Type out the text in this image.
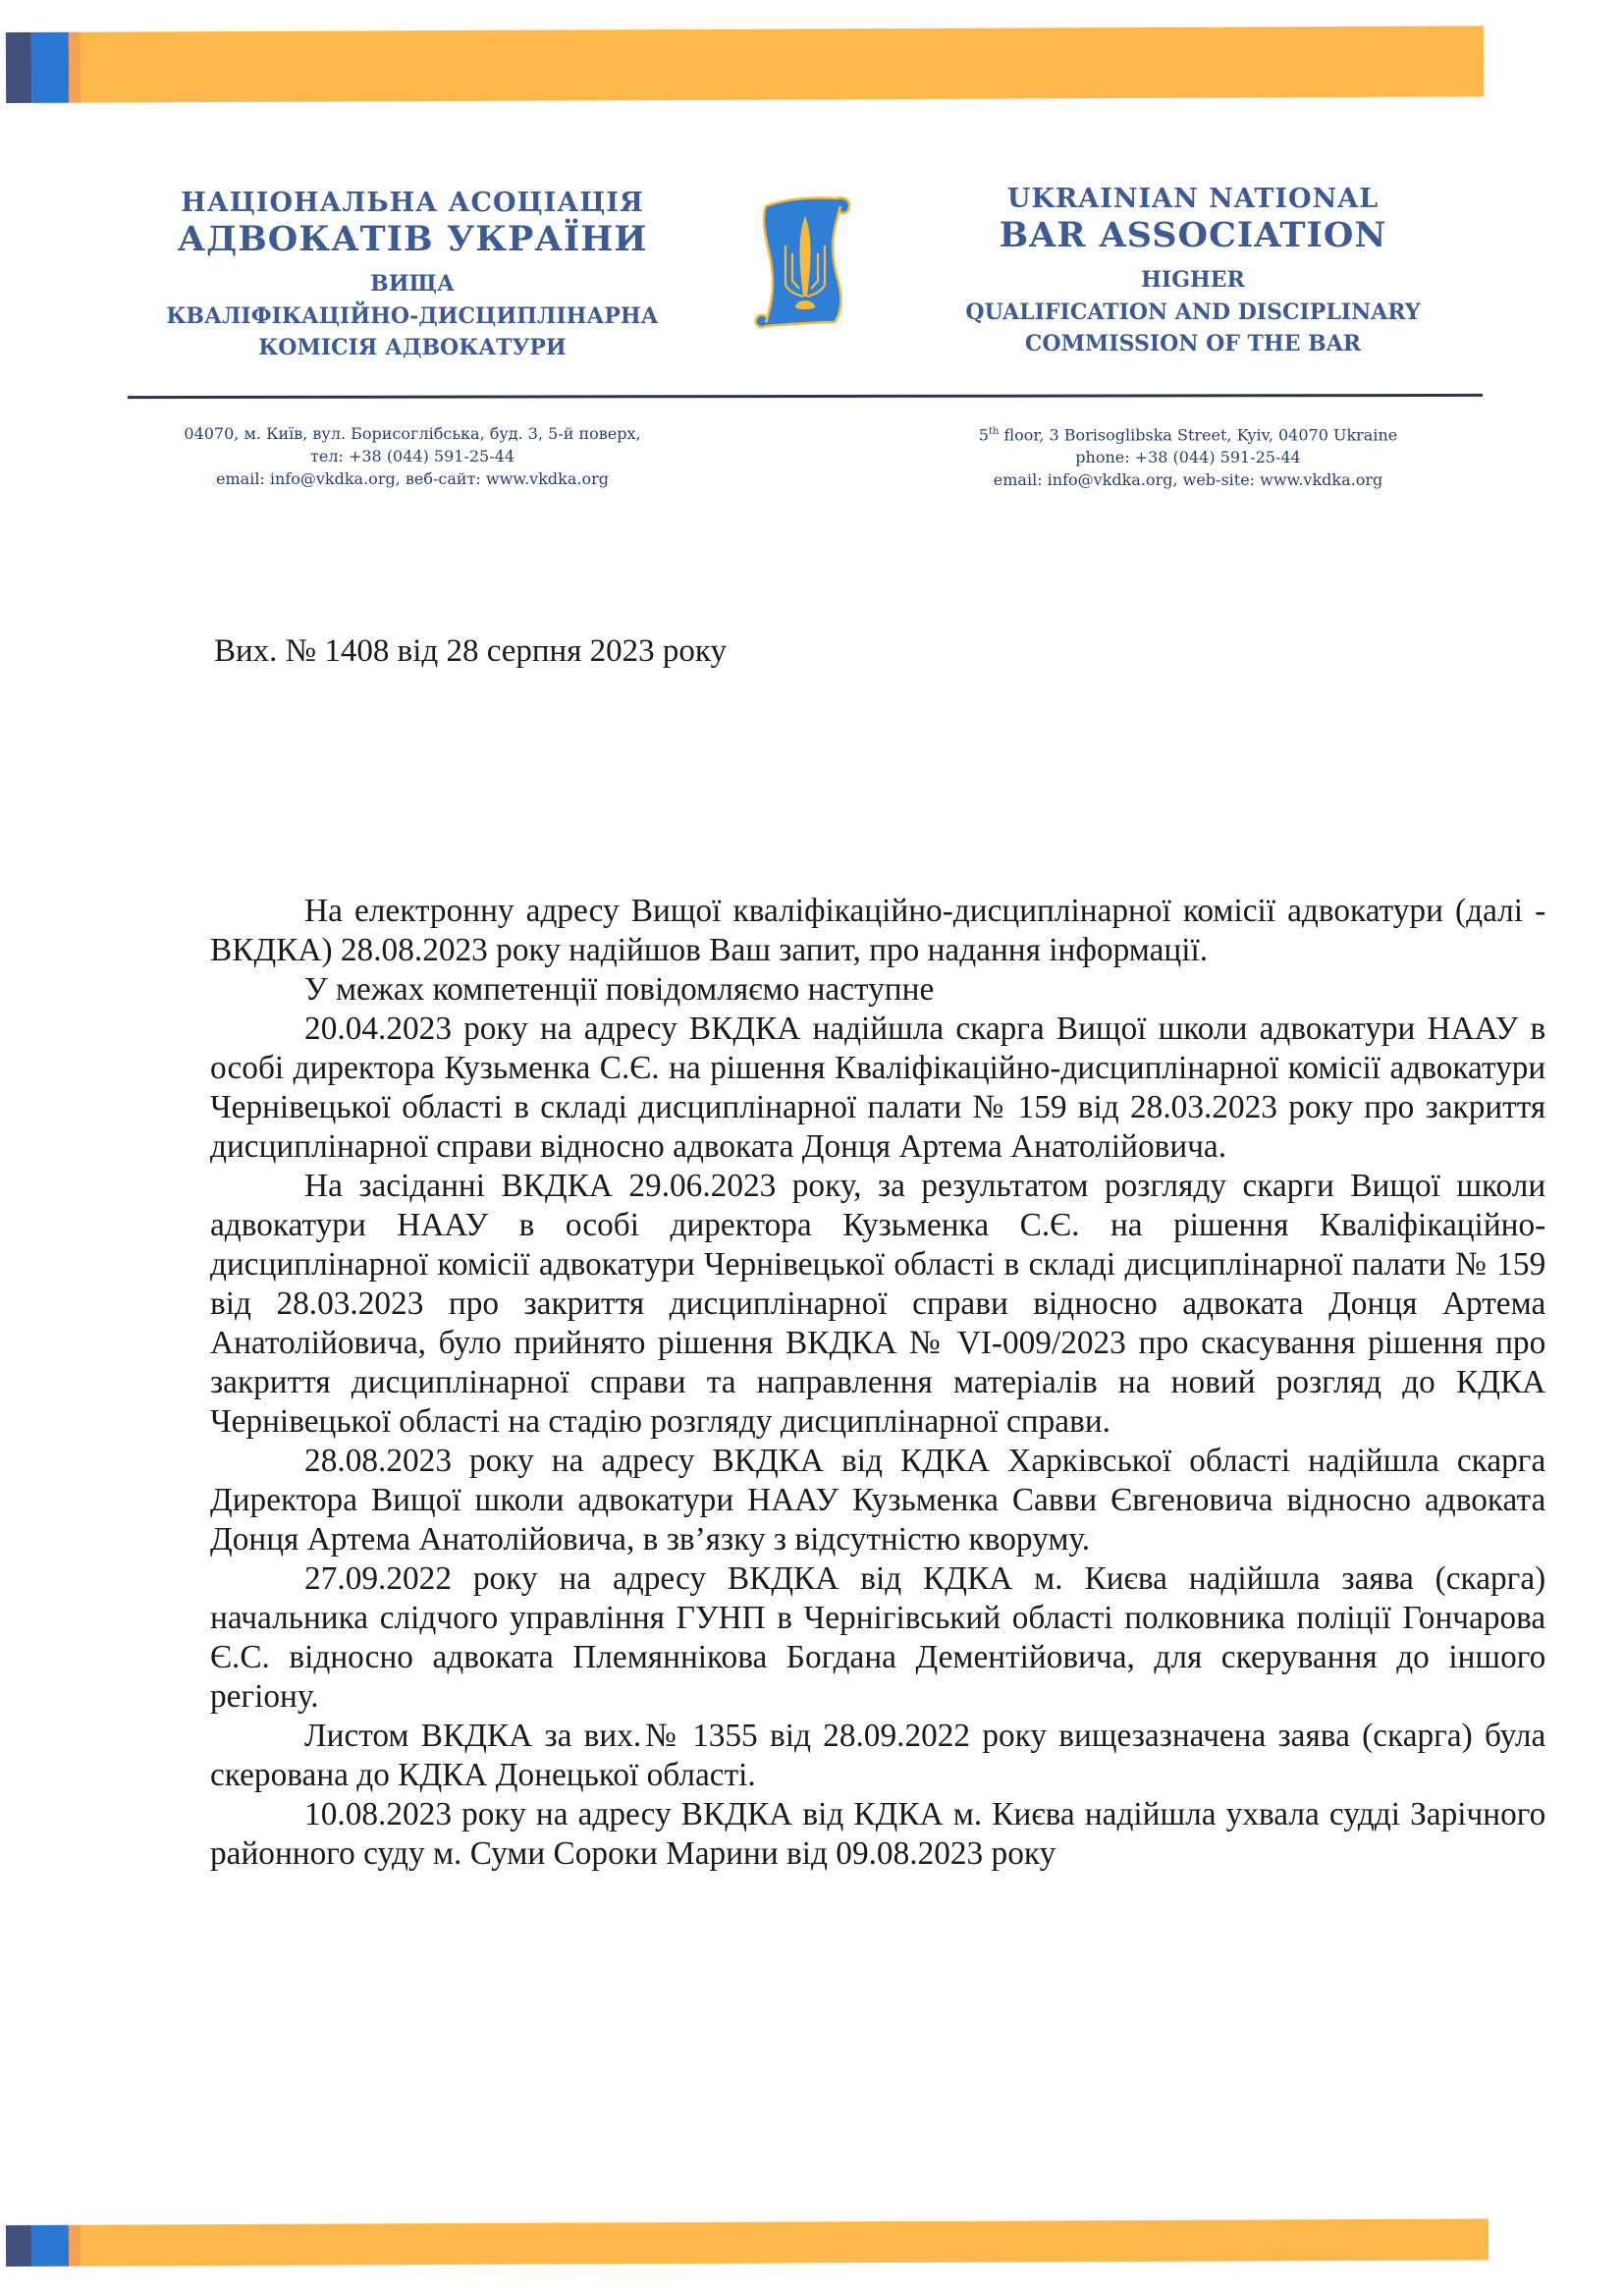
НАЦІОНАЛЬНА АСОЦІАЦІЯ
АДВОКАТІВ УКРАЇНИ
ВИЩА
КВАЛІФІКАЦІЙНО-ДИСЦИПЛІНАРНА
КОМІСІЯ АДВОКАТУРИ
UKRAINIAN NATIONAL
BAR ASSOCIATION
HIGHER
QUALIFICATION AND DISCIPLINARY
COMMISSION OF THE BAR
04070, м. Київ, вул. Борисоглібська, буд. 3, 5-й поверх,
тел: +38 (044) 591-25-44
email: info@vkdka.org, веб-сайт: www.vkdka.org
5th floor, 3 Borisoglibska Street, Kyiv, 04070 Ukraine
phone: +38 (044) 591-25-44
email: info@vkdka.org, web-site: www.vkdka.org
Вих. № 1408 від 28 серпня 2023 року

На електронну адресу Вищої кваліфікаційно-дисциплінарної комісії адвокатури (далі - ВКДКА) 28.08.2023 року надійшов Ваш запит, про надання інформації.

У межах компетенції повідомляємо наступне

20.04.2023 року на адресу ВКДКА надійшла скарга Вищої школи адвокатури НААУ в особі директора Кузьменка С.Є. на рішення Кваліфікаційно-дисциплінарної комісії адвокатури Чернівецької області в складі дисциплінарної палати № 159 від 28.03.2023 року про закриття дисциплінарної справи відносно адвоката Донця Артема Анатолійовича.

На засіданні ВКДКА 29.06.2023 року, за результатом розгляду скарги Вищої школи адвокатури НААУ в особі директора Кузьменка С.Є. на рішення Кваліфікаційно-дисциплінарної комісії адвокатури Чернівецької області в складі дисциплінарної палати № 159 від 28.03.2023 про закриття дисциплінарної справи відносно адвоката Донця Артема Анатолійовича, було прийнято рішення ВКДКА № VI-009/2023 про скасування рішення про закриття дисциплінарної справи та направлення матеріалів на новий розгляд до КДКА Чернівецької області на стадію розгляду дисциплінарної справи.

28.08.2023 року на адресу ВКДКА від КДКА Харківської області надійшла скарга Директора Вищої школи адвокатури НААУ Кузьменка Савви Євгеновича відносно адвоката Донця Артема Анатолійовича, в зв’язку з відсутністю кворуму.

27.09.2022 року на адресу ВКДКА від КДКА м. Києва надійшла заява (скарга) начальника слідчого управління ГУНП в Чернігівський області полковника поліції Гончарова Є.С. відносно адвоката Племяннікова Богдана Дементійовича, для скерування до іншого регіону.

Листом ВКДКА за вих.№ 1355 від 28.09.2022 року вищезазначена заява (скарга) була скерована до КДКА Донецької області.

10.08.2023 року на адресу ВКДКА від КДКА м. Києва надійшла ухвала судді Зарічного районного суду м. Суми Сороки Марини від 09.08.2023 року
